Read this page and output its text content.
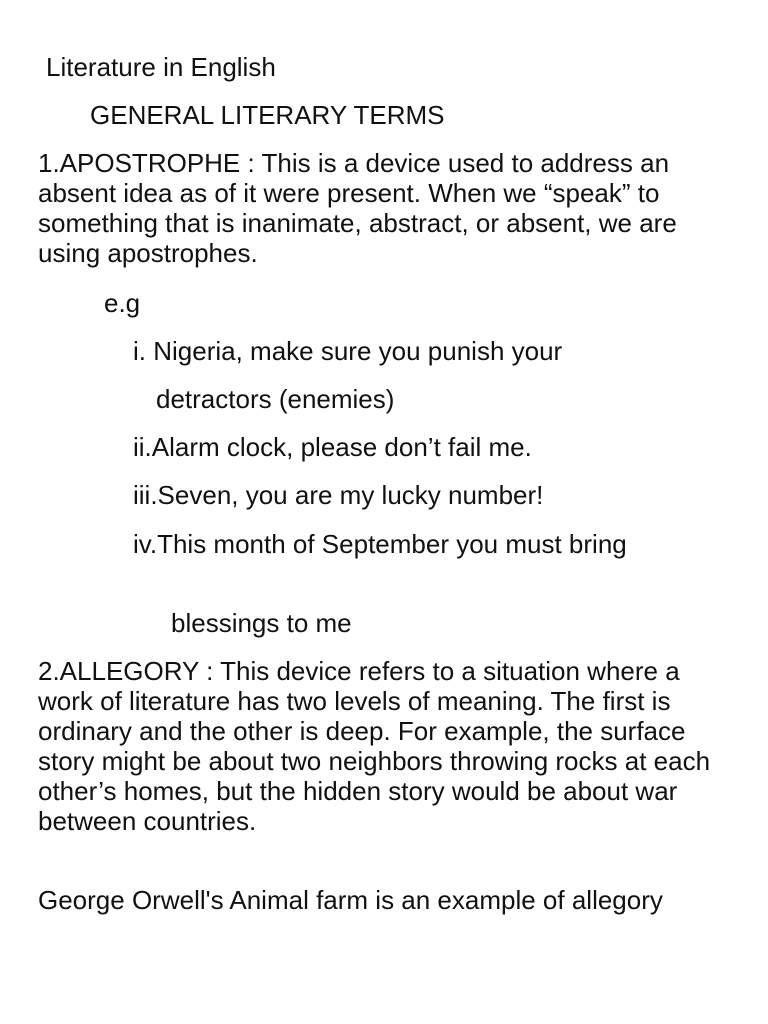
Literature in English

GENERAL LITERARY TERMS

1.APOSTROPHE : This is a device used to address an absent idea as of it were present. When we “speak” to something that is inanimate, abstract, or absent, we are using apostrophes.

e.g

i. Nigeria, make sure you punish your

detractors (enemies)

ii.Alarm clock, please don’t fail me.

iii.Seven, you are my lucky number!

iv.This month of September you must bring

blessings to me

2.ALLEGORY : This device refers to a situation where a work of literature has two levels of meaning. The first is ordinary and the other is deep. For example, the surface story might be about two neighbors throwing rocks at each other’s homes, but the hidden story would be about war between countries.

George Orwell's Animal farm is an example of allegory
